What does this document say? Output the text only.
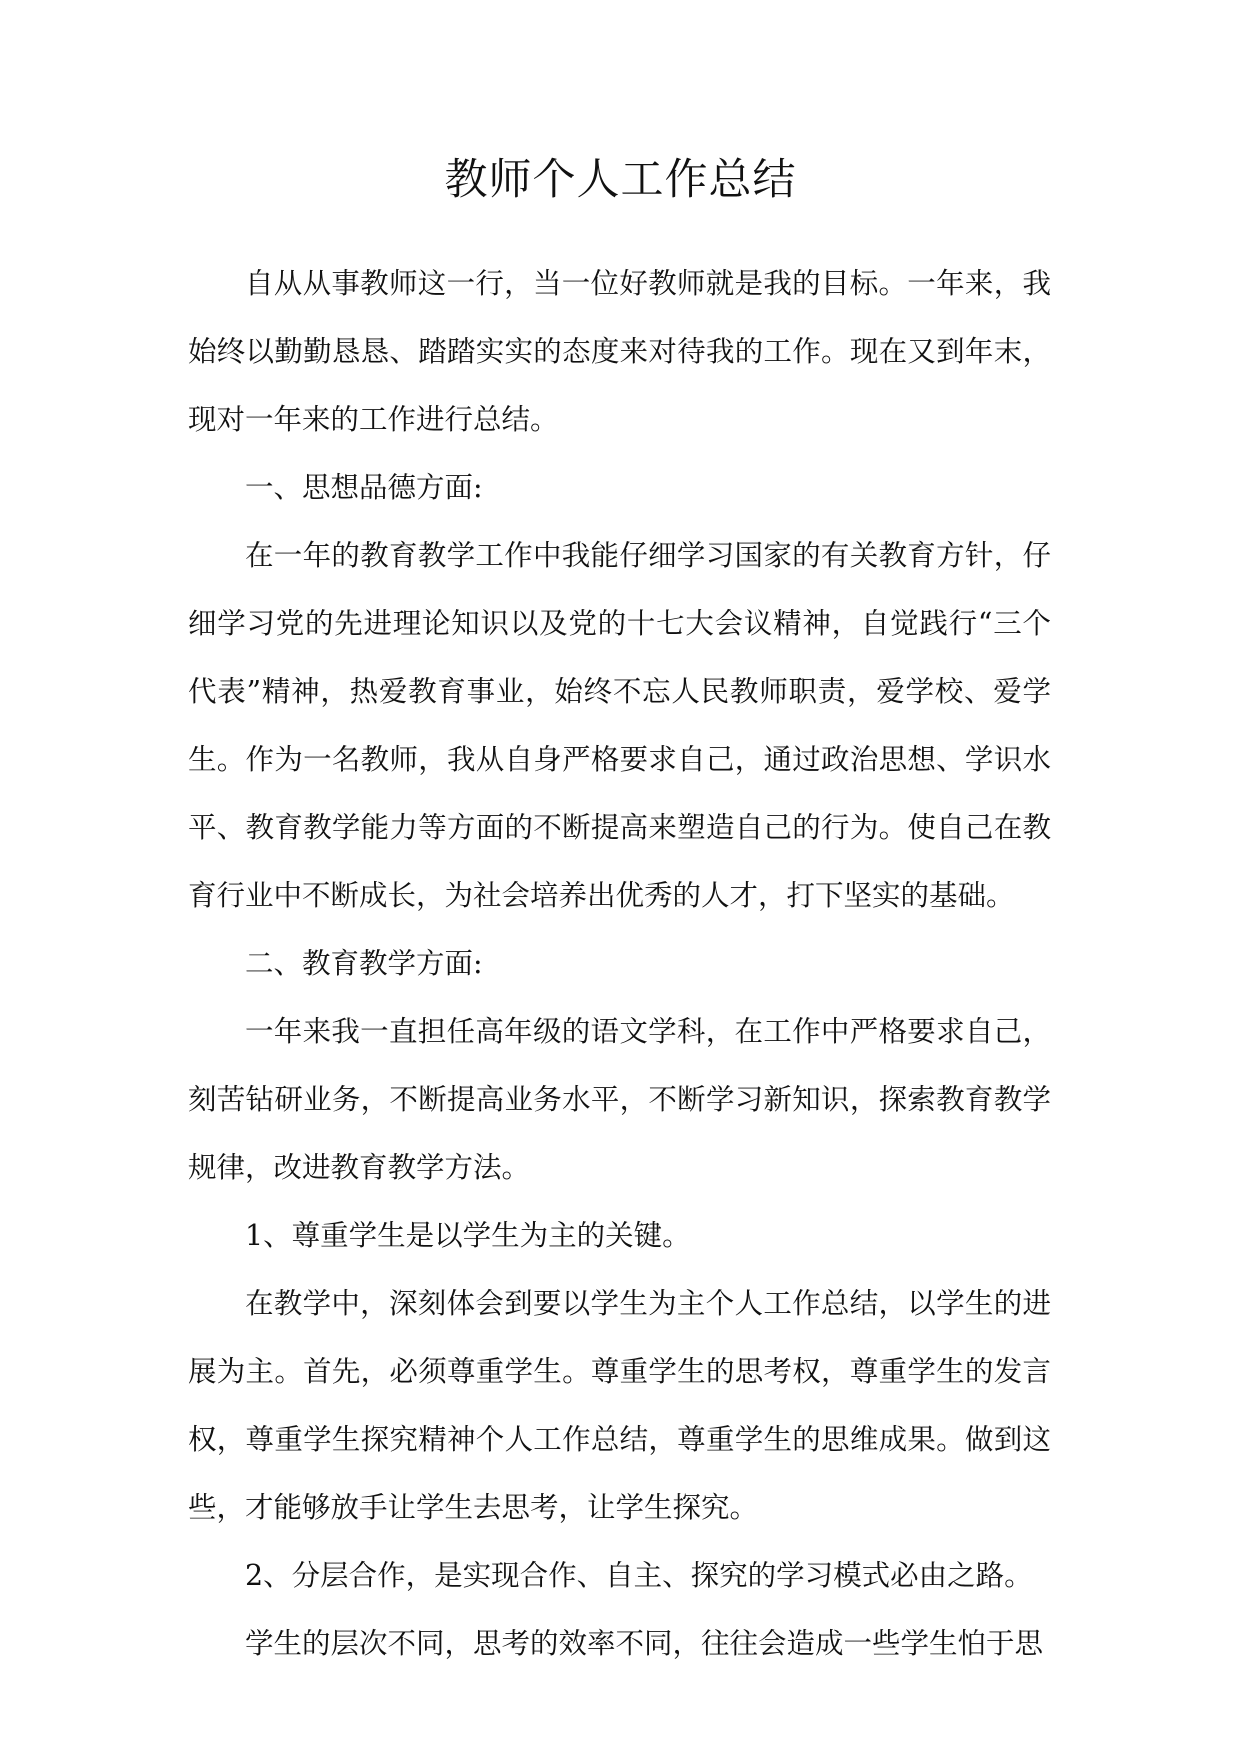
教师个人工作总结

自从从事教师这一行，当一位好教师就是我的目标。一年来，我始终以勤勤恳恳、踏踏实实的态度来对待我的工作。现在又到年末，现对一年来的工作进行总结。

一、思想品德方面:

在一年的教育教学工作中我能仔细学习国家的有关教育方针，仔细学习党的先进理论知识以及党的十七大会议精神，自觉践行“三个代表”精神，热爱教育事业，始终不忘人民教师职责，爱学校、爱学生。作为一名教师，我从自身严格要求自己，通过政治思想、学识水平、教育教学能力等方面的不断提高来塑造自己的行为。使自己在教育行业中不断成长，为社会培养出优秀的人才，打下坚实的基础。

二、教育教学方面:

一年来我一直担任高年级的语文学科，在工作中严格要求自己，刻苦钻研业务，不断提高业务水平，不断学习新知识，探索教育教学规律，改进教育教学方法。

1、尊重学生是以学生为主的关键。

在教学中，深刻体会到要以学生为主个人工作总结，以学生的进展为主。首先，必须尊重学生。尊重学生的思考权，尊重学生的发言权，尊重学生探究精神个人工作总结，尊重学生的思维成果。做到这些，才能够放手让学生去思考，让学生探究。

2、分层合作，是实现合作、自主、探究的学习模式必由之路。

学生的层次不同，思考的效率不同，往往会造成一些学生怕于思
